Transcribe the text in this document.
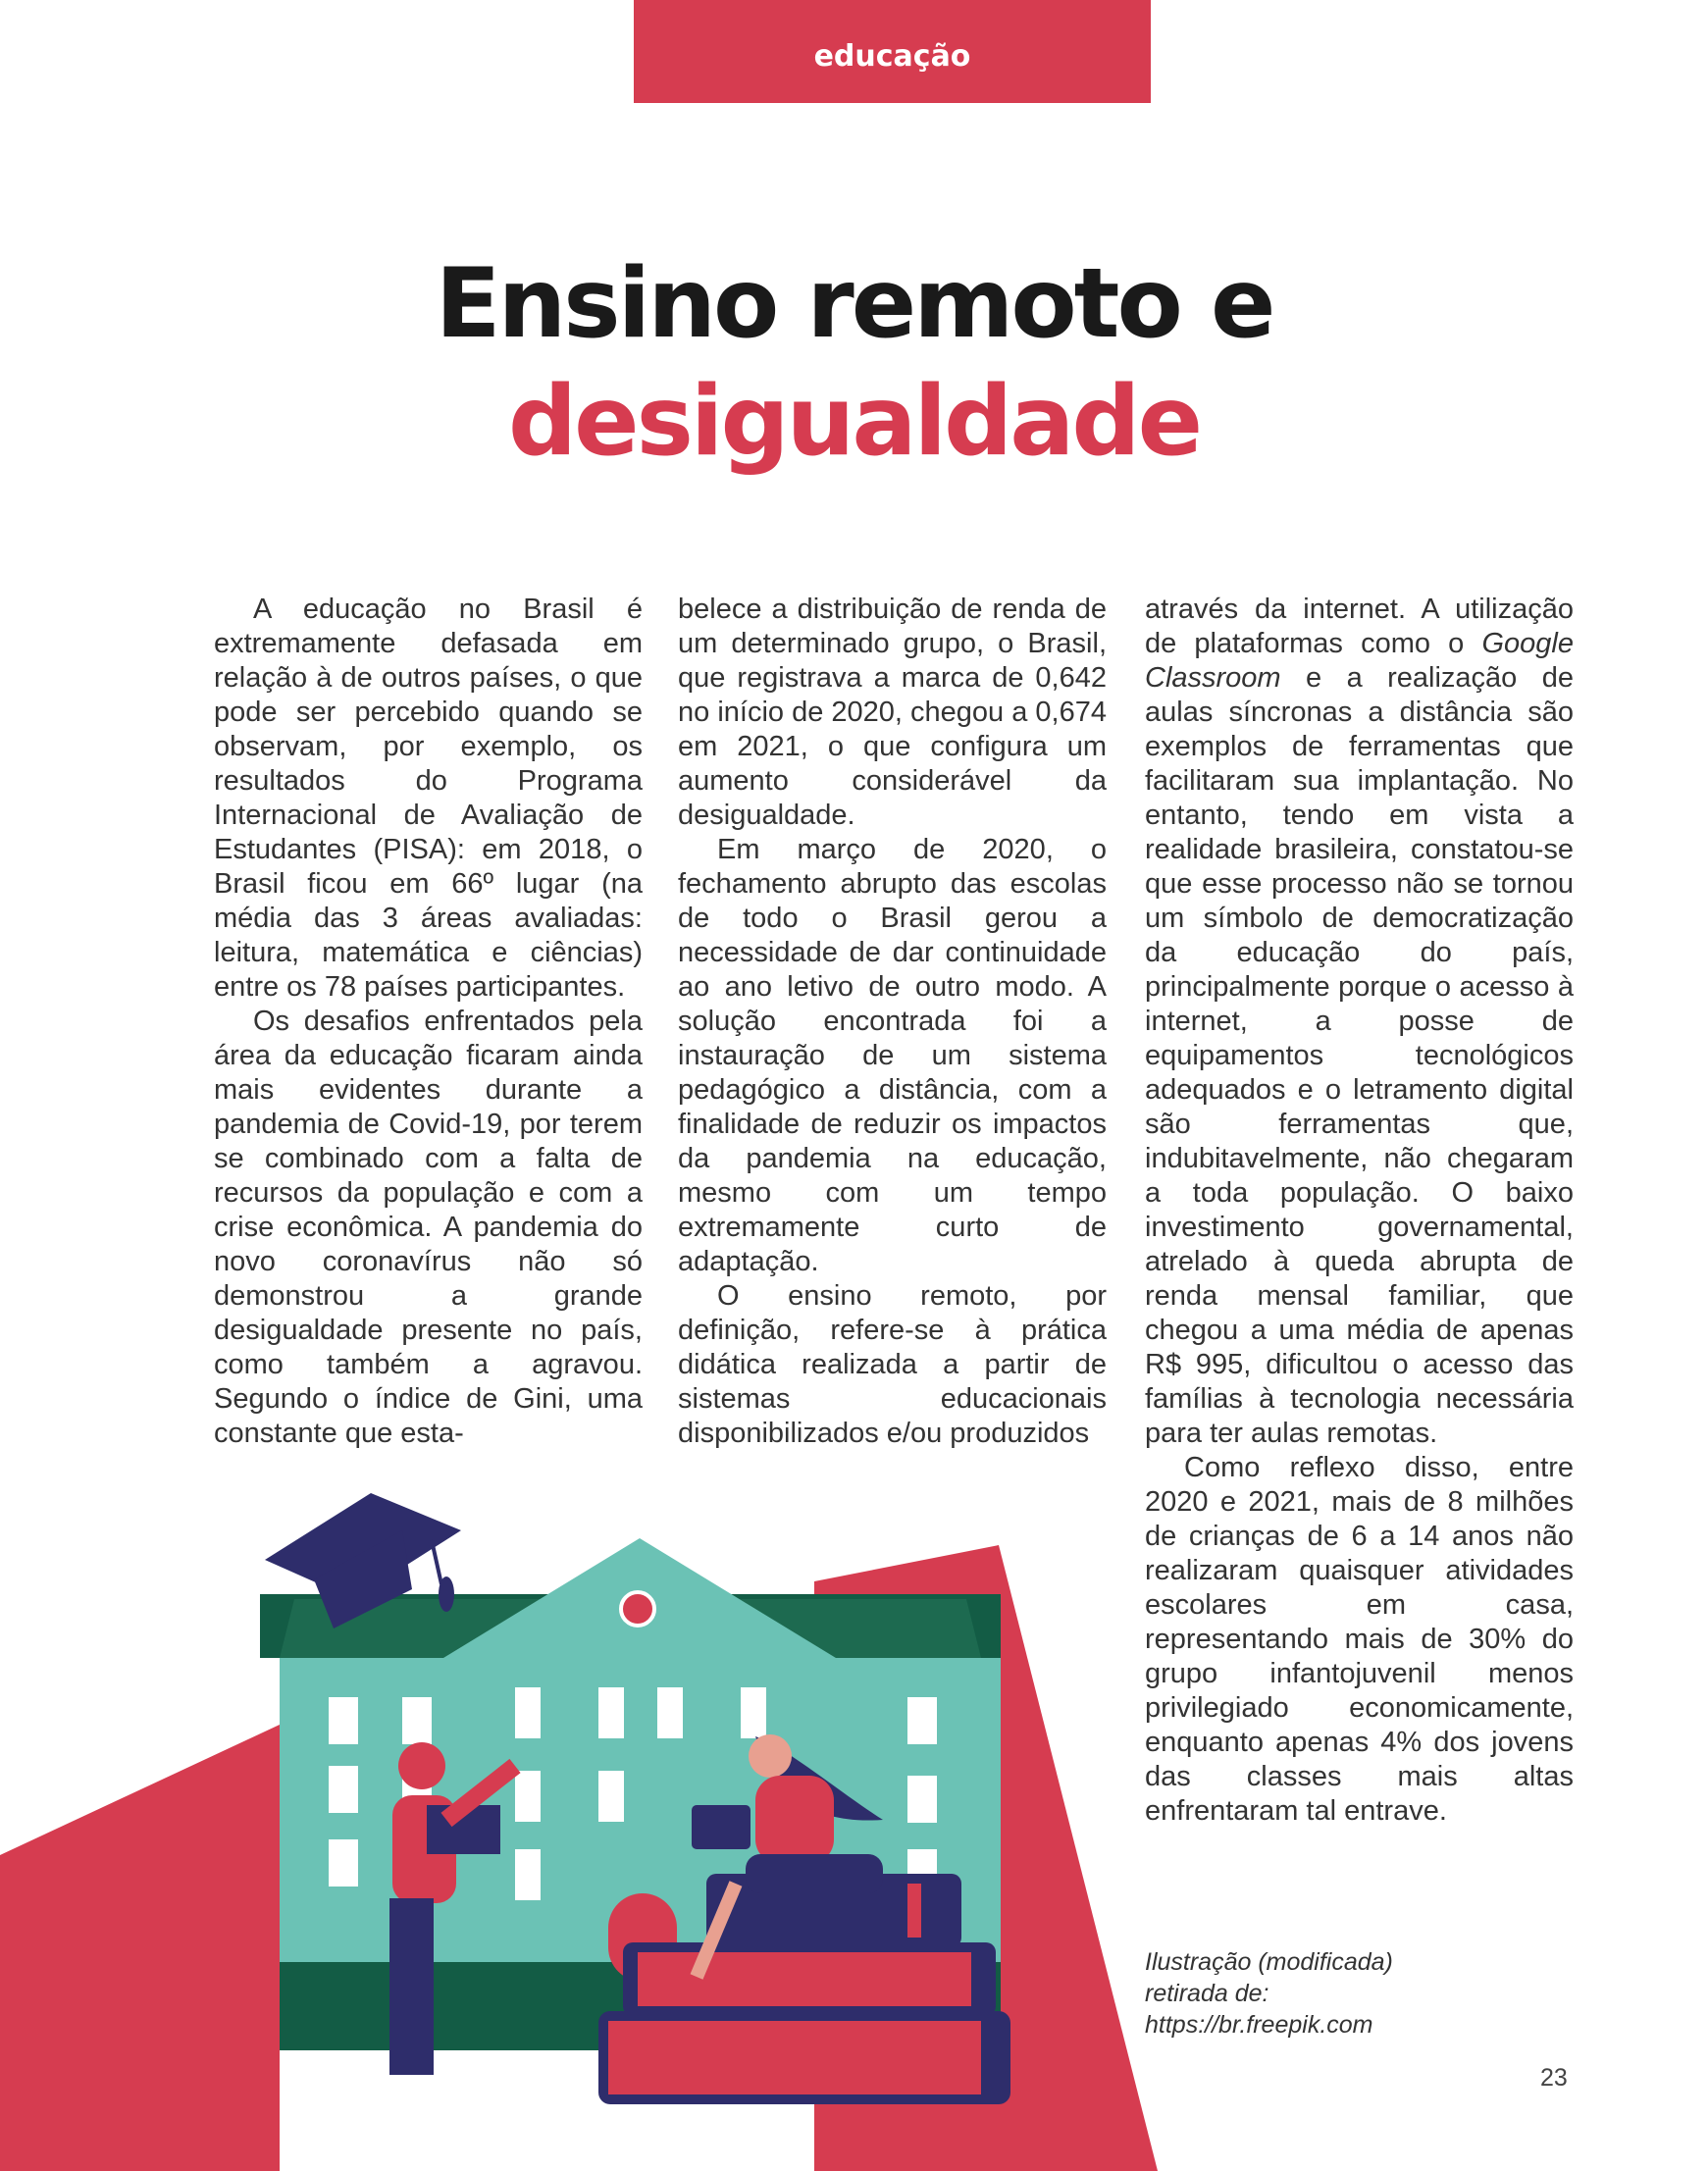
educação
Ensino remoto e
desigualdade

A educação no Brasil é extremamente defasada em relação à de outros países, o que pode ser percebido quando se observam, por exemplo, os resultados do Programa Internacional de Avaliação de Estudantes (PISA): em 2018, o Brasil ficou em 66º lugar (na média das 3 áreas avaliadas: leitura, matemática e ciências) entre os 78 países participantes.

Os desafios enfrentados pela área da educação ficaram ainda mais evidentes durante a pandemia de Covid-19, por terem se combinado com a falta de recursos da população e com a crise econômica. A pandemia do novo coronavírus não só demonstrou a grande desigualdade presente no país, como também a agravou. Segundo o índice de Gini, uma constante que esta-

belece a distribuição de renda de um determinado grupo, o Brasil, que registrava a marca de 0,642 no início de 2020, chegou a 0,674 em 2021, o que configura um aumento considerável da desigualdade.

Em março de 2020, o fechamento abrupto das escolas de todo o Brasil gerou a necessidade de dar continuidade ao ano letivo de outro modo. A solução encontrada foi a instauração de um sistema pedagógico a distância, com a finalidade de reduzir os impactos da pandemia na educação, mesmo com um tempo extremamente curto de adaptação.

O ensino remoto, por definição, refere-se à prática didática realizada a partir de sistemas educacionais disponibilizados e/ou produzidos

através da internet. A utilização de plataformas como o Google Classroom e a realização de aulas síncronas a distância são exemplos de ferramentas que facilitaram sua implantação. No entanto, tendo em vista a realidade brasileira, constatou-se que esse processo não se tornou um símbolo de democratização da educação do país, principalmente porque o acesso à internet, a posse de equipamentos tecnológicos adequados e o letramento digital são ferramentas que, indubitavelmente, não chegaram a toda população. O baixo investimento governamental, atrelado à queda abrupta de renda mensal familiar, que chegou a uma média de apenas R$ 995, dificultou o acesso das famílias à tecnologia necessária para ter aulas remotas.

Como reflexo disso, entre 2020 e 2021, mais de 8 milhões de crianças de 6 a 14 anos não realizaram quaisquer atividades escolares em casa, representando mais de 30% do grupo infantojuvenil menos privilegiado economicamente, enquanto apenas 4% dos jovens das classes mais altas enfrentaram tal entrave.

Ilustração (modificada)
retirada de:
https://br.freepik.com
23
